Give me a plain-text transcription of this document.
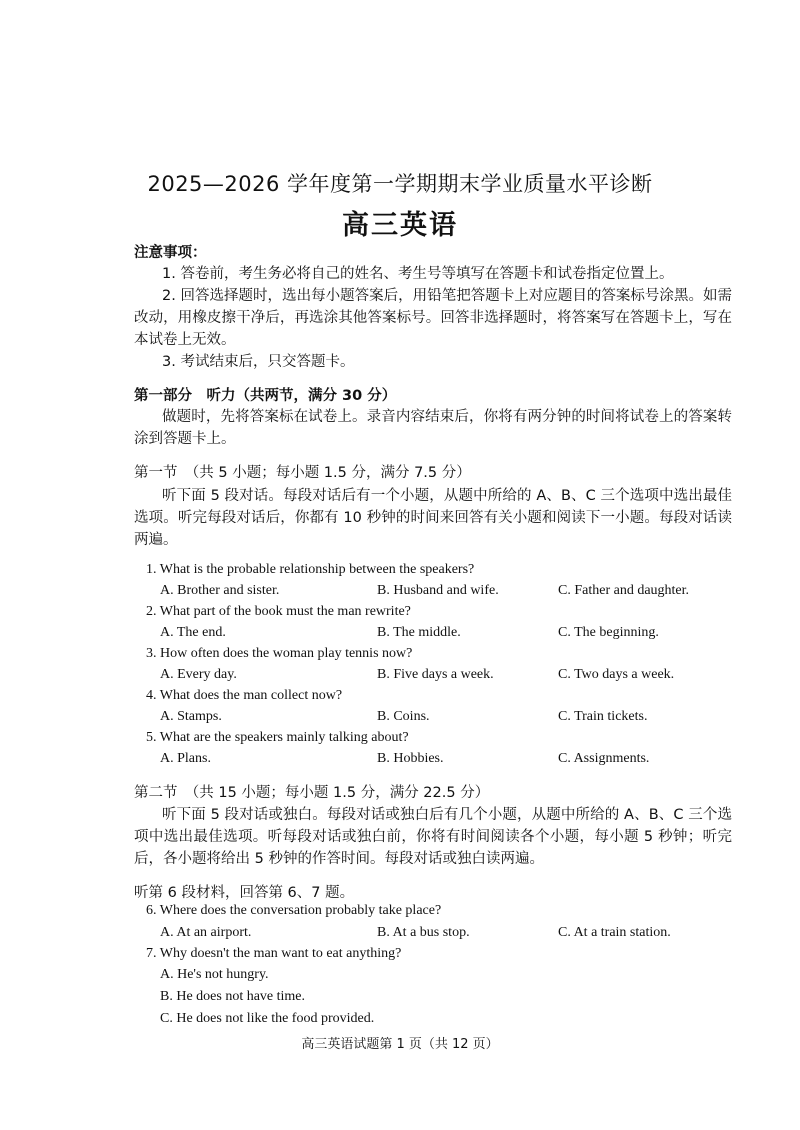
2025—2026 学年度第一学期期末学业质量水平诊断
高三英语
注意事项：
1. 答卷前，考生务必将自己的姓名、考生号等填写在答题卡和试卷指定位置上。
2. 回答选择题时，选出每小题答案后，用铅笔把答题卡上对应题目的答案标号涂黑。如需改动，用橡皮擦干净后，再选涂其他答案标号。回答非选择题时，将答案写在答题卡上，写在本试卷上无效。
3. 考试结束后，只交答题卡。
第一部分　听力（共两节，满分 30 分）
做题时，先将答案标在试卷上。录音内容结束后，你将有两分钟的时间将试卷上的答案转涂到答题卡上。
第一节　（共 5 小题；每小题 1.5 分，满分 7.5 分）
听下面 5 段对话。每段对话后有一个小题，从题中所给的 A、B、C 三个选项中选出最佳选项。听完每段对话后，你都有 10 秒钟的时间来回答有关小题和阅读下一小题。每段对话读两遍。
1. What is the probable relationship between the speakers?
A. Brother and sister.	B. Husband and wife.	C. Father and daughter.
2. What part of the book must the man rewrite?
A. The end.	B. The middle.	C. The beginning.
3. How often does the woman play tennis now?
A. Every day.	B. Five days a week.	C. Two days a week.
4. What does the man collect now?
A. Stamps.	B. Coins.	C. Train tickets.
5. What are the speakers mainly talking about?
A. Plans.	B. Hobbies.	C. Assignments.
第二节　（共 15 小题；每小题 1.5 分，满分 22.5 分）
听下面 5 段对话或独白。每段对话或独白后有几个小题，从题中所给的 A、B、C 三个选项中选出最佳选项。听每段对话或独白前，你将有时间阅读各个小题，每小题 5 秒钟；听完后，各小题将给出 5 秒钟的作答时间。每段对话或独白读两遍。
听第 6 段材料，回答第 6、7 题。
6. Where does the conversation probably take place?
A. At an airport.	B. At a bus stop.	C. At a train station.
7. Why doesn't the man want to eat anything?
A. He's not hungry.
B. He does not have time.
C. He does not like the food provided.
高三英语试题第 1 页（共 12 页）
